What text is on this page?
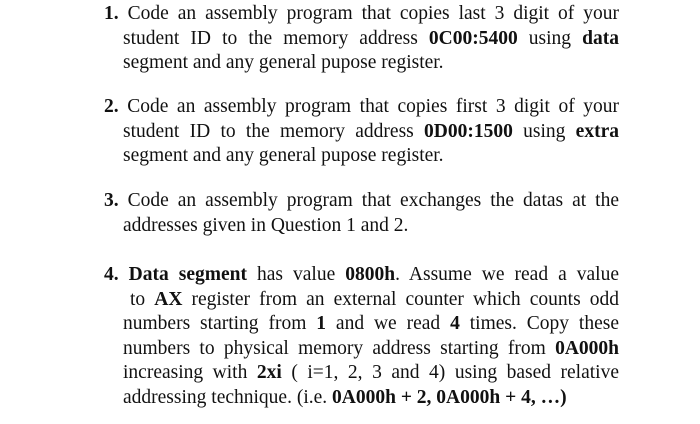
1. Code an assembly program that copies last 3 digit of your
student ID to the memory address 0C00:5400 using data
segment and any general pupose register.
2. Code an assembly program that copies first 3 digit of your
student ID to the memory address 0D00:1500 using extra
segment and any general pupose register.
3. Code an assembly program that exchanges the datas at the
addresses given in Question 1 and 2.
4. Data segment has value 0800h. Assume we read a value
to AX register from an external counter which counts odd
numbers starting from 1 and we read 4 times. Copy these
numbers to physical memory address starting from 0A000h
increasing with 2xi ( i=1, 2, 3 and 4) using based relative
addressing technique. (i.e. 0A000h + 2, 0A000h + 4, …)
